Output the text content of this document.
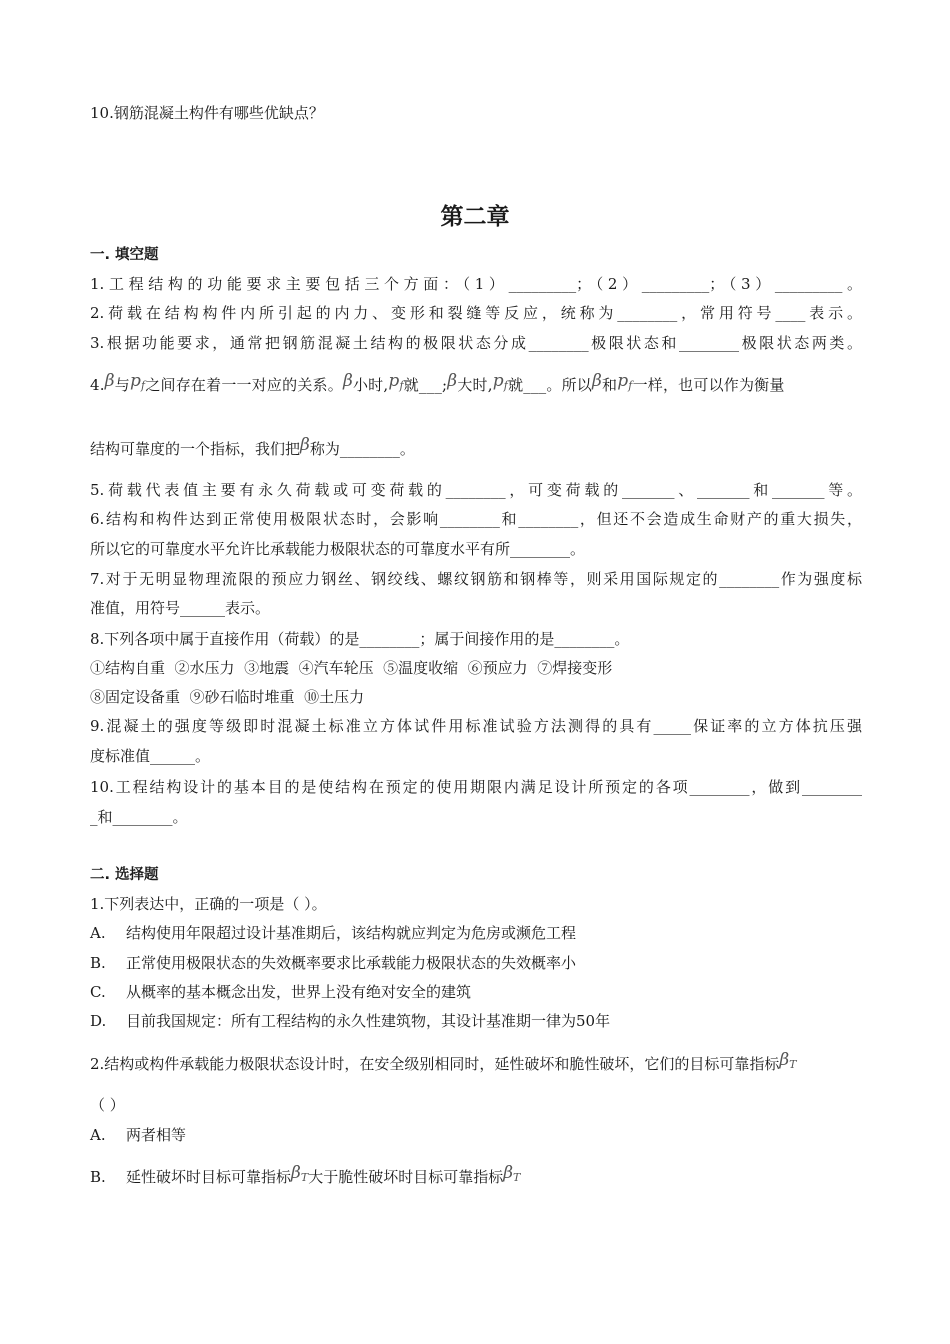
10.钢筋混凝土构件有哪些优缺点？
第二章
一. 填空题
1.工程结构的功能要求主要包括三个方面：（1）_________；（2）_________；（3）_________。
2.荷载在结构构件内所引起的内力、变形和裂缝等反应，统称为________，常用符号____表示。
3.根据功能要求，通常把钢筋混凝土结构的极限状态分成________极限状态和________极限状态两类。
4.β与pf之间存在着一一对应的关系。β小时,pf就___;β大时,pf就___。所以β和pf一样，也可以作为衡量
结构可靠度的一个指标，我们把β称为________。
5.荷载代表值主要有永久荷载或可变荷载的________，可变荷载的_______、_______和_______等。
6.结构和构件达到正常使用极限状态时，会影响________和________，但还不会造成生命财产的重大损失，
所以它的可靠度水平允许比承载能力极限状态的可靠度水平有所________。
7.对于无明显物理流限的预应力钢丝、钢绞线、螺纹钢筋和钢棒等，则采用国际规定的________作为强度标
准值，用符号______表示。
8.下列各项中属于直接作用（荷载）的是________；属于间接作用的是________。
①结构自重  ②水压力  ③地震  ④汽车轮压  ⑤温度收缩  ⑥预应力  ⑦焊接变形
⑧固定设备重  ⑨砂石临时堆重  ⑩土压力
9.混凝土的强度等级即时混凝土标准立方体试件用标准试验方法测得的具有_____保证率的立方体抗压强
度标准值______。
10.工程结构设计的基本目的是使结构在预定的使用期限内满足设计所预定的各项________，做到________
_和________。
二. 选择题
1.下列表达中，正确的一项是（ ）。
A. 结构使用年限超过设计基准期后，该结构就应判定为危房或濒危工程
B. 正常使用极限状态的失效概率要求比承载能力极限状态的失效概率小
C. 从概率的基本概念出发，世界上没有绝对安全的建筑
D. 目前我国规定：所有工程结构的永久性建筑物，其设计基准期一律为50年
2.结构或构件承载能力极限状态设计时，在安全级别相同时，延性破坏和脆性破坏，它们的目标可靠指标βT
（ ）
A. 两者相等
B. 延性破坏时目标可靠指标βT大于脆性破坏时目标可靠指标βT
